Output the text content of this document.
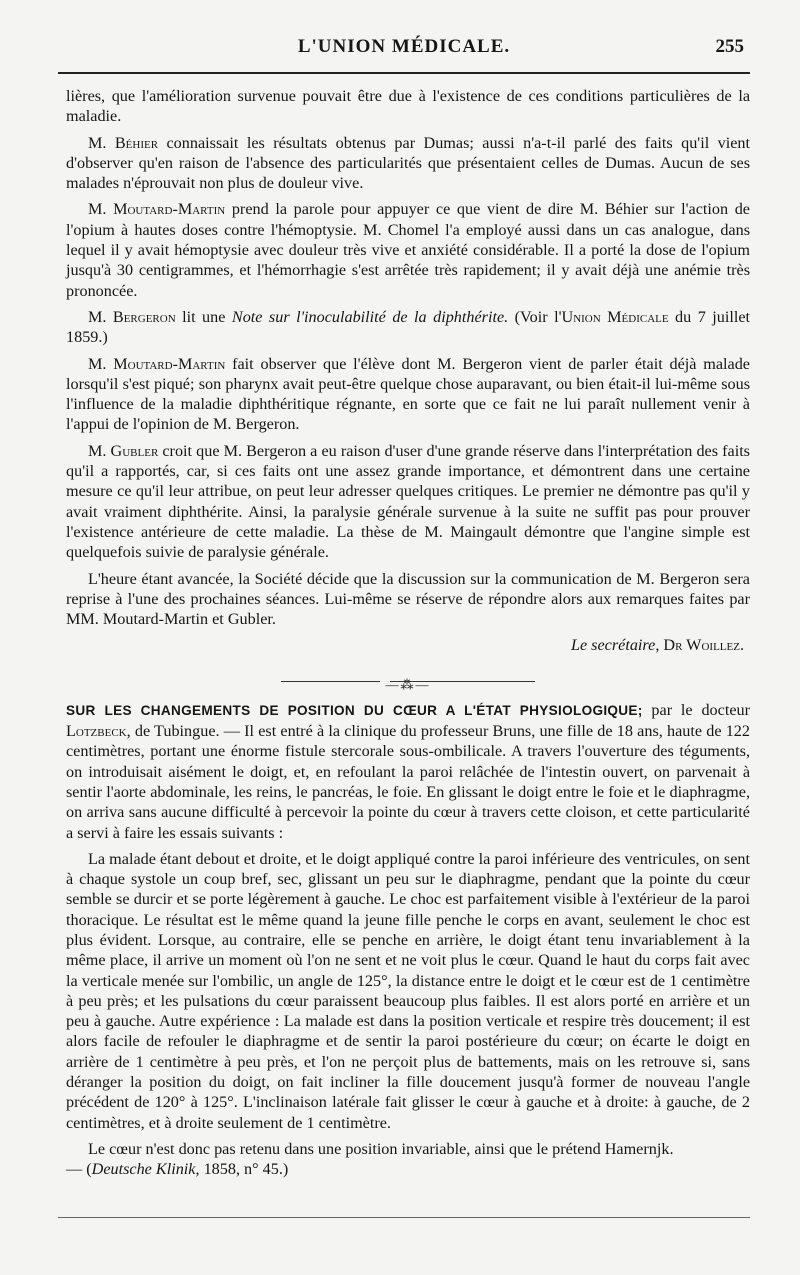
L'UNION MÉDICALE.	255

lières, que l'amélioration survenue pouvait être due à l'existence de ces conditions particulières de la maladie.

M. Béhier connaissait les résultats obtenus par Dumas; aussi n'a-t-il parlé des faits qu'il vient d'observer qu'en raison de l'absence des particularités que présentaient celles de Dumas. Aucun de ses malades n'éprouvait non plus de douleur vive.

M. Moutard-Martin prend la parole pour appuyer ce que vient de dire M. Béhier sur l'action de l'opium à hautes doses contre l'hémoptysie. M. Chomel l'a employé aussi dans un cas analogue, dans lequel il y avait hémoptysie avec douleur très vive et anxiété considérable. Il a porté la dose de l'opium jusqu'à 30 centigrammes, et l'hémorrhagie s'est arrêtée très rapidement; il y avait déjà une anémie très prononcée.

M. Bergeron lit une Note sur l'inoculabilité de la diphthérite. (Voir l'Union Médicale du 7 juillet 1859.)

M. Moutard-Martin fait observer que l'élève dont M. Bergeron vient de parler était déjà malade lorsqu'il s'est piqué; son pharynx avait peut-être quelque chose auparavant, ou bien était-il lui-même sous l'influence de la maladie diphthéritique régnante, en sorte que ce fait ne lui paraît nullement venir à l'appui de l'opinion de M. Bergeron.

M. Gubler croit que M. Bergeron a eu raison d'user d'une grande réserve dans l'interprétation des faits qu'il a rapportés, car, si ces faits ont une assez grande importance, et démontrent dans une certaine mesure ce qu'il leur attribue, on peut leur adresser quelques critiques. Le premier ne démontre pas qu'il y avait vraiment diphthérite. Ainsi, la paralysie générale survenue à la suite ne suffit pas pour prouver l'existence antérieure de cette maladie. La thèse de M. Maingault démontre que l'angine simple est quelquefois suivie de paralysie générale.

L'heure étant avancée, la Société décide que la discussion sur la communication de M. Bergeron sera reprise à l'une des prochaines séances. Lui-même se réserve de répondre alors aux remarques faites par MM. Moutard-Martin et Gubler.

Le secrétaire, Dr Woillez.

—⁂—

SUR LES CHANGEMENTS DE POSITION DU CŒUR A L'ÉTAT PHYSIOLOGIQUE; par le docteur Lotzbeck, de Tubingue. — Il est entré à la clinique du professeur Bruns, une fille de 18 ans, haute de 122 centimètres, portant une énorme fistule stercorale sous-ombilicale. A travers l'ouverture des téguments, on introduisait aisément le doigt, et, en refoulant la paroi relâchée de l'intestin ouvert, on parvenait à sentir l'aorte abdominale, les reins, le pancréas, le foie. En glissant le doigt entre le foie et le diaphragme, on arriva sans aucune difficulté à percevoir la pointe du cœur à travers cette cloison, et cette particularité a servi à faire les essais suivants :

La malade étant debout et droite, et le doigt appliqué contre la paroi inférieure des ventricules, on sent à chaque systole un coup bref, sec, glissant un peu sur le diaphragme, pendant que la pointe du cœur semble se durcir et se porte légèrement à gauche. Le choc est parfaitement visible à l'extérieur de la paroi thoracique. Le résultat est le même quand la jeune fille penche le corps en avant, seulement le choc est plus évident. Lorsque, au contraire, elle se penche en arrière, le doigt étant tenu invariablement à la même place, il arrive un moment où l'on ne sent et ne voit plus le cœur. Quand le haut du corps fait avec la verticale menée sur l'ombilic, un angle de 125°, la distance entre le doigt et le cœur est de 1 centimètre à peu près; et les pulsations du cœur paraissent beaucoup plus faibles. Il est alors porté en arrière et un peu à gauche. Autre expérience : La malade est dans la position verticale et respire très doucement; il est alors facile de refouler le diaphragme et de sentir la paroi postérieure du cœur; on écarte le doigt en arrière de 1 centimètre à peu près, et l'on ne perçoit plus de battements, mais on les retrouve si, sans déranger la position du doigt, on fait incliner la fille doucement jusqu'à former de nouveau l'angle précédent de 120° à 125°. L'inclinaison latérale fait glisser le cœur à gauche et à droite: à gauche, de 2 centimètres, et à droite seulement de 1 centimètre.

Le cœur n'est donc pas retenu dans une position invariable, ainsi que le prétend Hamernjk.
— (Deutsche Klinik, 1858, n° 45.)
